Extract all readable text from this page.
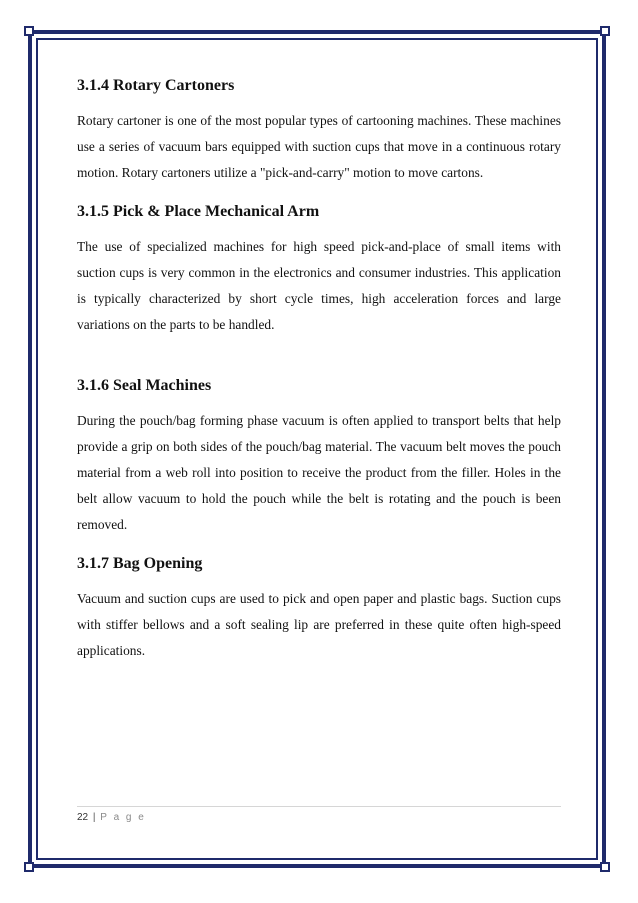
3.1.4 Rotary Cartoners

Rotary cartoner is one of the most popular types of cartooning machines. These machines use a series of vacuum bars equipped with suction cups that move in a continuous rotary motion. Rotary cartoners utilize a "pick-and-carry" motion to move cartons.

3.1.5 Pick & Place Mechanical Arm

The use of specialized machines for high speed pick-and-place of small items with suction cups is very common in the electronics and consumer industries. This application is typically characterized by short cycle times, high acceleration forces and large variations on the parts to be handled.

3.1.6 Seal Machines

During the pouch/bag forming phase vacuum is often applied to transport belts that help provide a grip on both sides of the pouch/bag material. The vacuum belt moves the pouch material from a web roll into position to receive the product from the filler. Holes in the belt allow vacuum to hold the pouch while the belt is rotating and the pouch is been removed.

3.1.7 Bag Opening

Vacuum and suction cups are used to pick and open paper and plastic bags. Suction cups with stiffer bellows and a soft sealing lip are preferred in these quite often high-speed applications.

22 | P a g e
